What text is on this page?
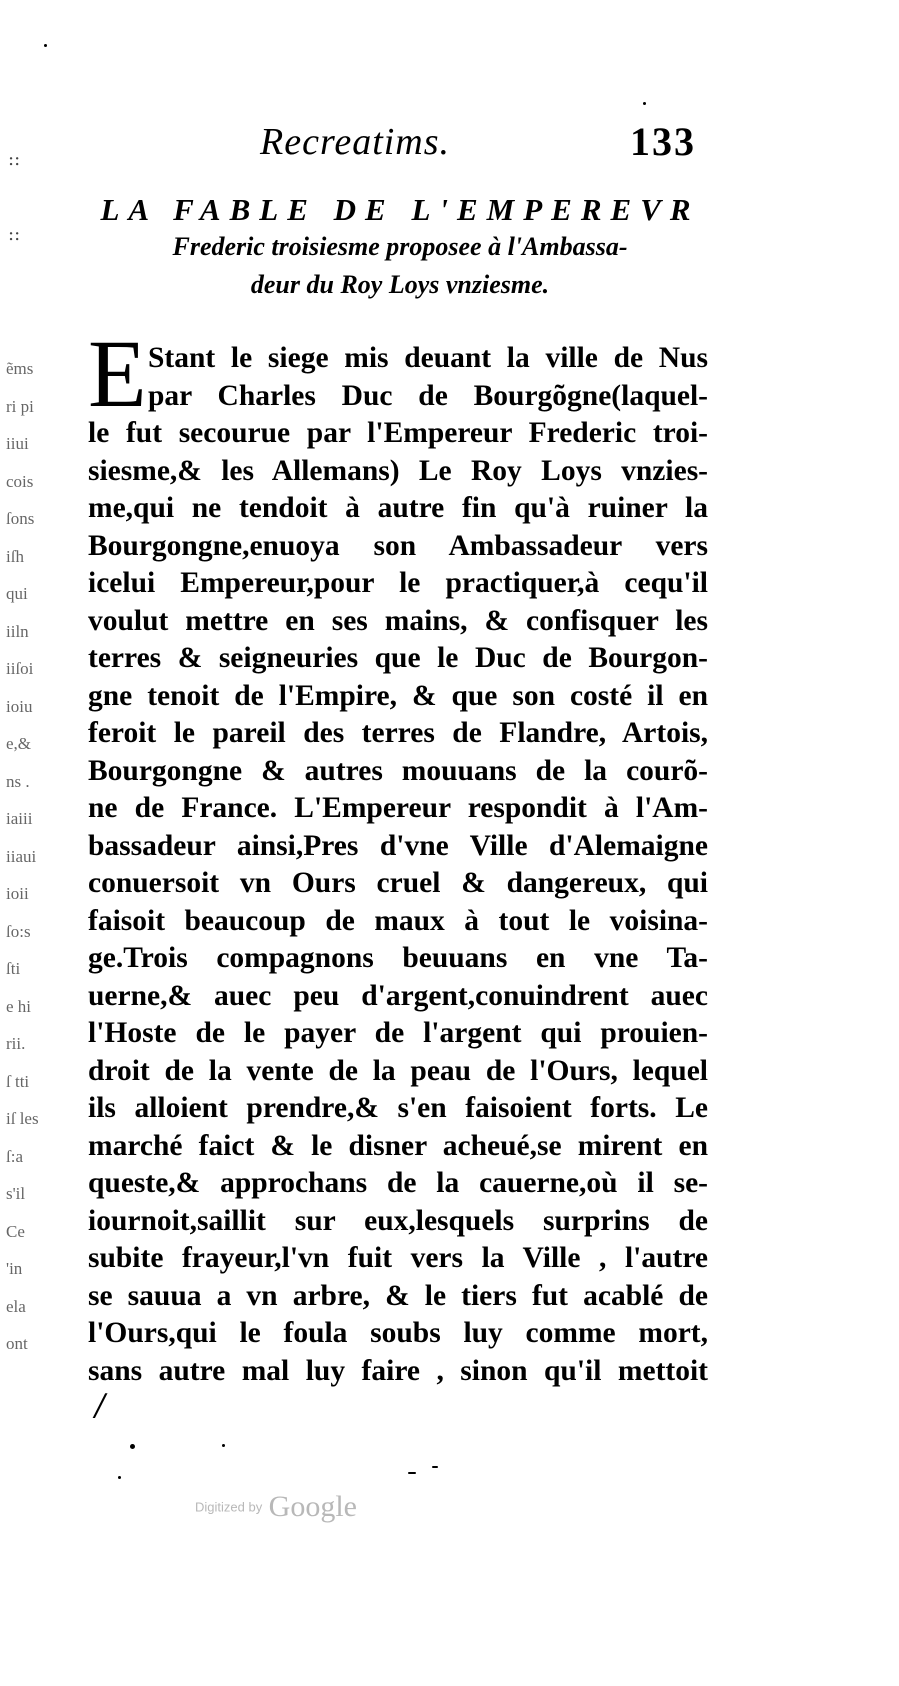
::
::
ẽms
ri pi
iiui
cois
ſons
iſh
qui
iiln
iiſoi
ioiu
e,&
ns .
iaiii
iiaui
ioii
ſo:s
ſti
e hi
rii.
ſ tti
iſ les
ſ:a
s'il
Ce
'in
ela
ont
Recreatims.	133
LA FABLE DE L'EMPEREVR
Frederic troisiesme proposee à l'Ambassa-
deur du Roy Loys vnziesme.
E Stant le siege mis deuant la ville de Nus
par Charles Duc de Bourgõgne(laquel-
le fut secourue par l'Empereur Frederic troi-
siesme,& les Allemans) Le Roy Loys vnzies-
me,qui ne tendoit à autre fin qu'à ruiner la
Bourgongne,enuoya son Ambassadeur vers
icelui Empereur,pour le practiquer,à cequ'il
voulut mettre en ses mains, & confisquer les
terres & seigneuries que le Duc de Bourgon-
gne tenoit de l'Empire, & que son costé il en
feroit le pareil des terres de Flandre, Artois,
Bourgongne & autres mouuans de la courõ-
ne de France. L'Empereur respondit à l'Am-
bassadeur ainsi,Pres d'vne Ville d'Alemaigne
conuersoit vn Ours cruel & dangereux, qui
faisoit beaucoup de maux à tout le voisina-
ge.Trois compagnons beuuans en vne Ta-
uerne,& auec peu d'argent,conuindrent auec
l'Hoste de le payer de l'argent qui prouien-
droit de la vente de la peau de l'Ours, lequel
ils alloient prendre,& s'en faisoient forts. Le
marché faict & le disner acheué,se mirent en
queste,& approchans de la cauerne,où il se-
iournoit,saillit sur eux,lesquels surprins de
subite frayeur,l'vn fuit vers la Ville , l'autre
se sauua a vn arbre, & le tiers fut acablé de
l'Ours,qui le foula soubs luy comme mort,
sans autre mal luy faire , sinon qu'il mettoit
/
Digitized by Google
